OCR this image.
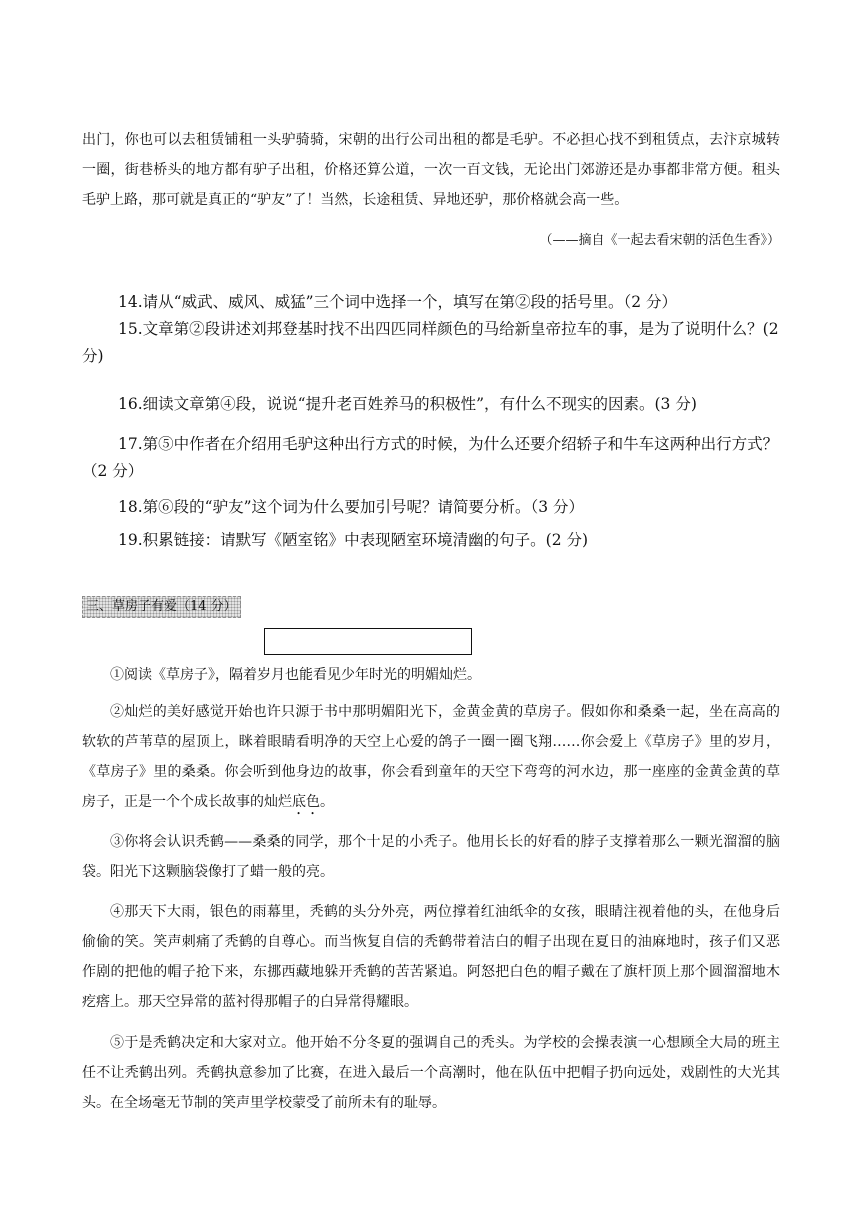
出门，你也可以去租赁铺租一头驴骑骑，宋朝的出行公司出租的都是毛驴。不必担心找不到租赁点，去汴京城转一圈，街巷桥头的地方都有驴子出租，价格还算公道，一次一百文钱，无论出门郊游还是办事都非常方便。租头毛驴上路，那可就是真正的“驴友”了！当然，长途租赁、异地还驴，那价格就会高一些。

（——摘自《一起去看宋朝的活色生香》）

14.请从“威武、威风、威猛”三个词中选择一个，填写在第②段的括号里。（2 分）

15.文章第②段讲述刘邦登基时找不出四匹同样颜色的马给新皇帝拉车的事，是为了说明什么？(2 分)

16.细读文章第④段，说说“提升老百姓养马的积极性”，有什么不现实的因素。(3 分)

17.第⑤中作者在介绍用毛驴这种出行方式的时候，为什么还要介绍轿子和牛车这两种出行方式？（2 分）

18.第⑥段的“驴友”这个词为什么要加引号呢？请简要分析。（3 分）

19.积累链接：请默写《陋室铭》中表现陋室环境清幽的句子。(2 分)

三、草房子有爱（14 分）

①阅读《草房子》，隔着岁月也能看见少年时光的明媚灿烂。

②灿烂的美好感觉开始也许只源于书中那明媚阳光下，金黄金黄的草房子。假如你和桑桑一起，坐在高高的软软的芦苇草的屋顶上，眯着眼睛看明净的天空上心爱的鸽子一圈一圈飞翔……你会爱上《草房子》里的岁月，《草房子》里的桑桑。你会听到他身边的故事，你会看到童年的天空下弯弯的河水边，那一座座的金黄金黄的草房子，正是一个个成长故事的灿烂底色。

③你将会认识秃鹤——桑桑的同学，那个十足的小秃子。他用长长的好看的脖子支撑着那么一颗光溜溜的脑袋。阳光下这颗脑袋像打了蜡一般的亮。

④那天下大雨，银色的雨幕里，秃鹤的头分外亮，两位撑着红油纸伞的女孩，眼睛注视着他的头，在他身后偷偷的笑。笑声刺痛了秃鹤的自尊心。而当恢复自信的秃鹤带着洁白的帽子出现在夏日的油麻地时，孩子们又恶作剧的把他的帽子抢下来，东挪西藏地躲开秃鹤的苦苦紧追。阿怒把白色的帽子戴在了旗杆顶上那个圆溜溜地木疙瘩上。那天空异常的蓝衬得那帽子的白异常得耀眼。

⑤于是秃鹤决定和大家对立。他开始不分冬夏的强调自己的秃头。为学校的会操表演一心想顾全大局的班主任不让秃鹤出列。秃鹤执意参加了比赛，在进入最后一个高潮时，他在队伍中把帽子扔向远处，戏剧性的大光其头。在全场毫无节制的笑声里学校蒙受了前所未有的耻辱。
